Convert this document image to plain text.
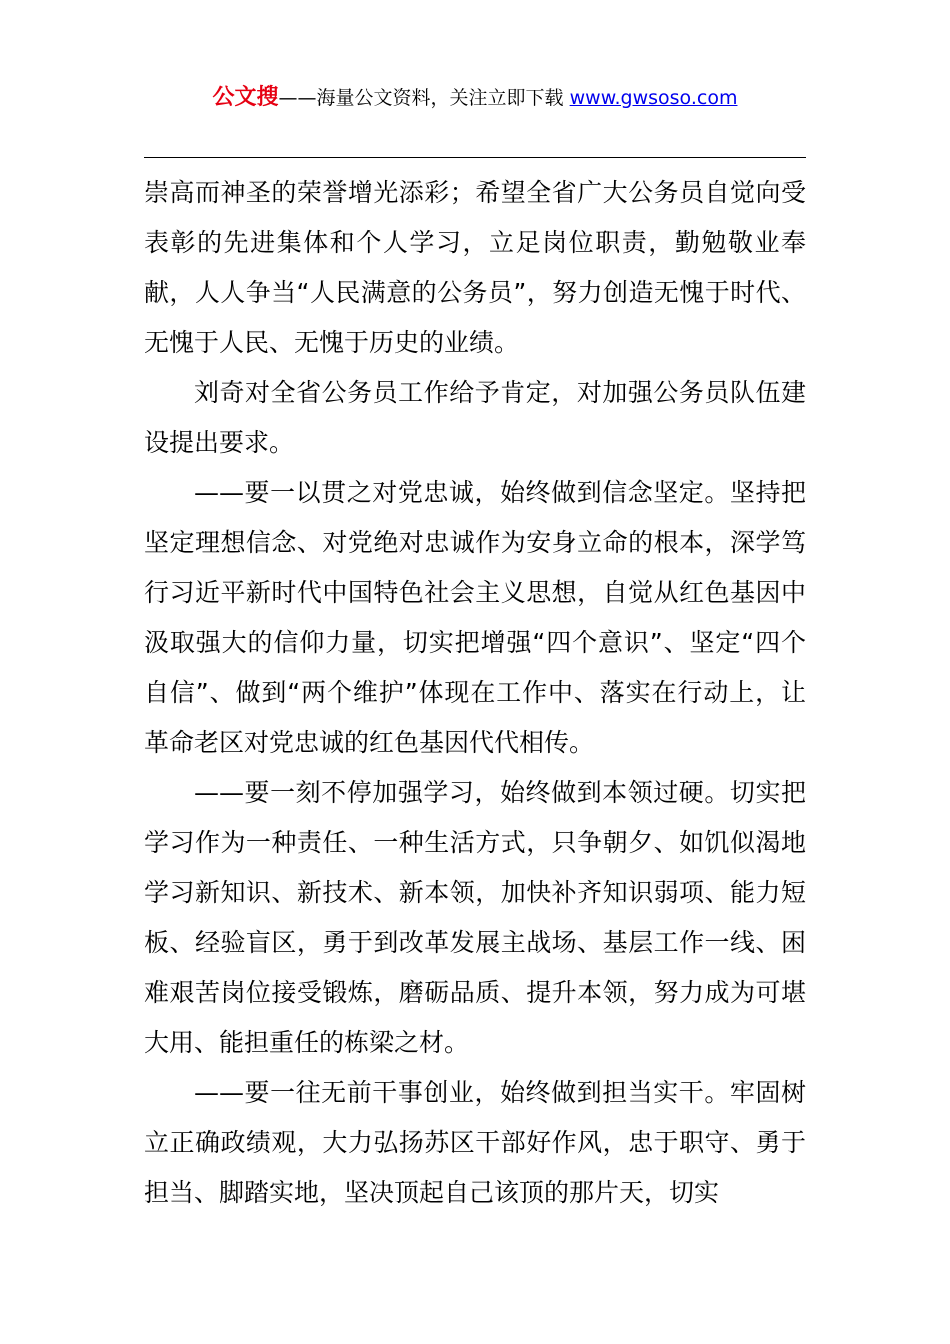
公文搜——海量公文资料，关注立即下载 www.gwsoso.com

崇高而神圣的荣誉增光添彩；希望全省广大公务员自觉向受表彰的先进集体和个人学习，立足岗位职责，勤勉敬业奉献，人人争当“人民满意的公务员”，努力创造无愧于时代、无愧于人民、无愧于历史的业绩。

刘奇对全省公务员工作给予肯定，对加强公务员队伍建设提出要求。

——要一以贯之对党忠诚，始终做到信念坚定。坚持把坚定理想信念、对党绝对忠诚作为安身立命的根本，深学笃行习近平新时代中国特色社会主义思想，自觉从红色基因中汲取强大的信仰力量，切实把增强“四个意识”、坚定“四个自信”、做到“两个维护”体现在工作中、落实在行动上，让革命老区对党忠诚的红色基因代代相传。

——要一刻不停加强学习，始终做到本领过硬。切实把学习作为一种责任、一种生活方式，只争朝夕、如饥似渴地学习新知识、新技术、新本领，加快补齐知识弱项、能力短板、经验盲区，勇于到改革发展主战场、基层工作一线、困难艰苦岗位接受锻炼，磨砺品质、提升本领，努力成为可堪大用、能担重任的栋梁之材。

——要一往无前干事创业，始终做到担当实干。牢固树立正确政绩观，大力弘扬苏区干部好作风，忠于职守、勇于担当、脚踏实地，坚决顶起自己该顶的那片天，切实
